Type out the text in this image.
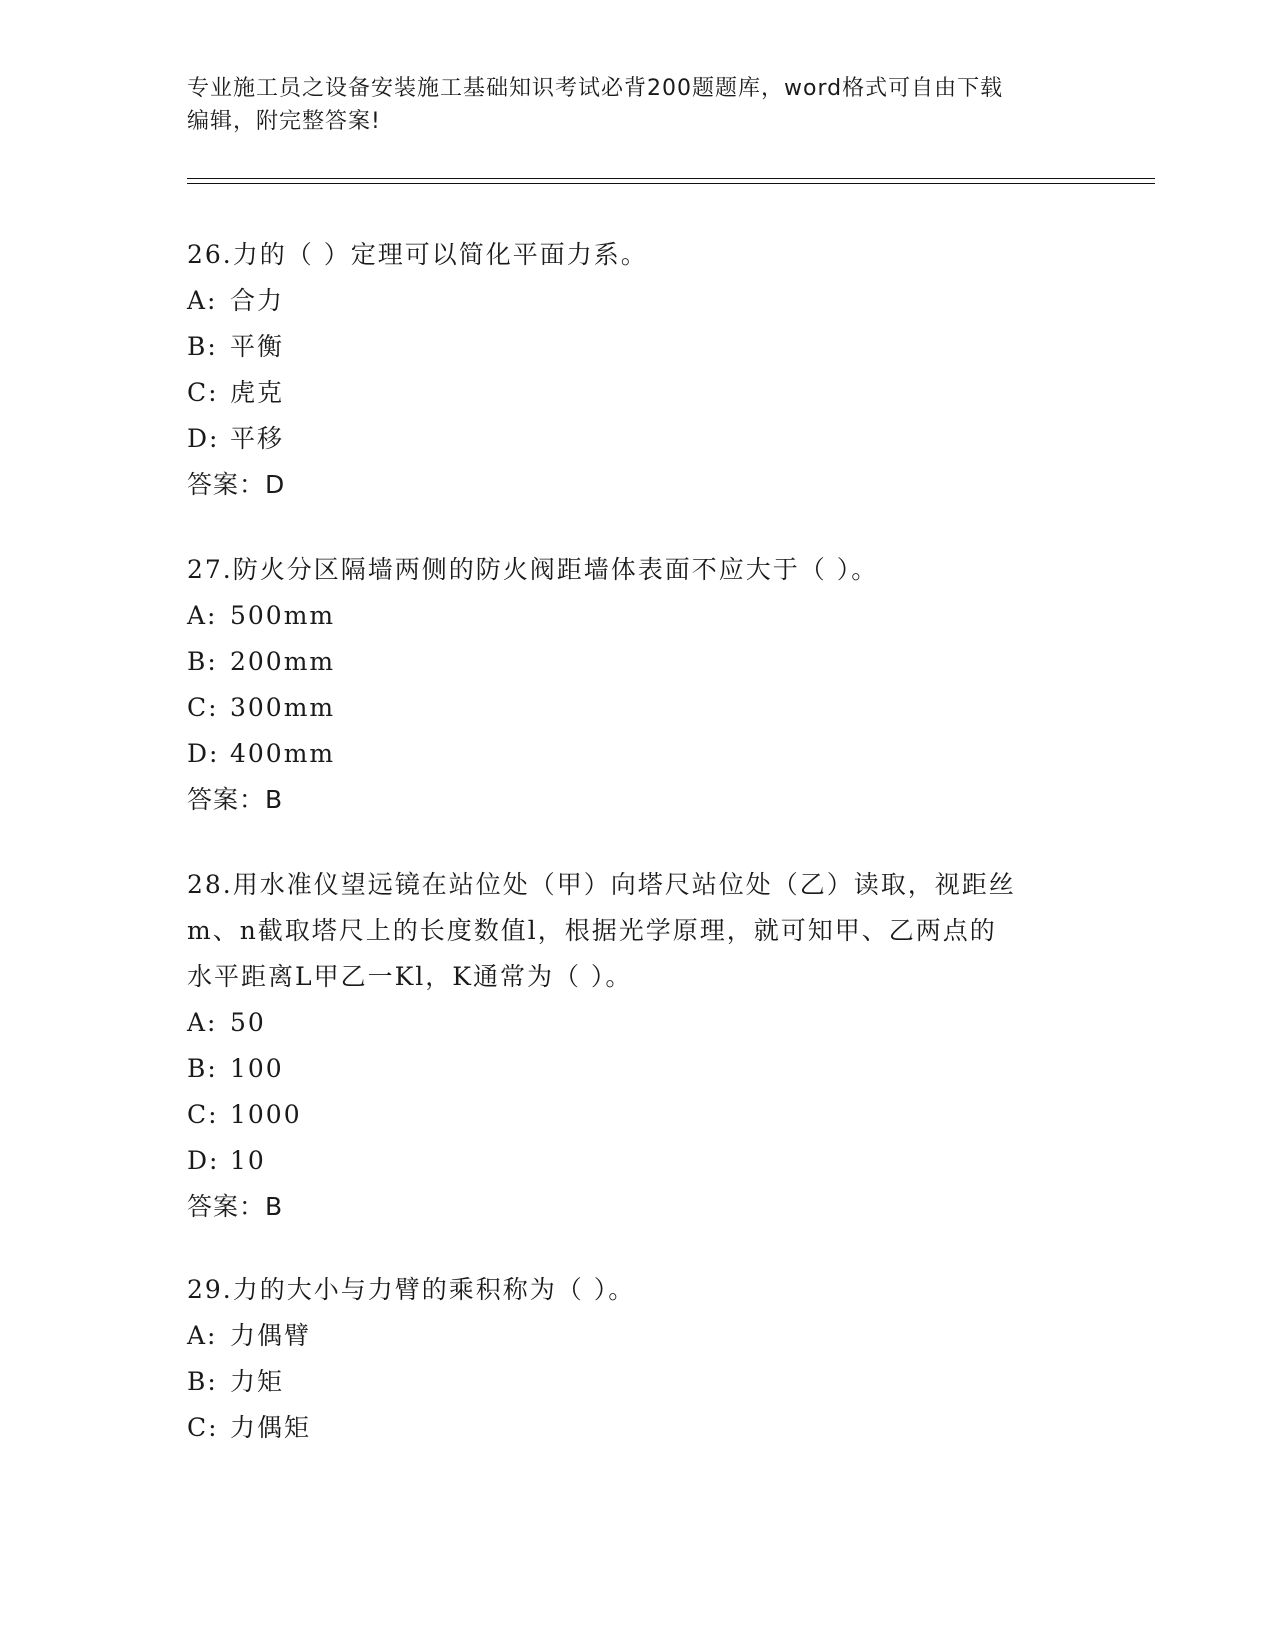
专业施工员之设备安装施工基础知识考试必背200题题库，word格式可自由下载
编辑，附完整答案!
26.力的（ ）定理可以简化平面力系。
A: 合力
B: 平衡
C: 虎克
D: 平移
答案：D
27.防火分区隔墙两侧的防火阀距墙体表面不应大于（ ）。
A: 500mm
B: 200mm
C: 300mm
D: 400mm
答案：B
28.用水准仪望远镜在站位处（甲）向塔尺站位处（乙）读取，视距丝
m、n截取塔尺上的长度数值l，根据光学原理，就可知甲、乙两点的
水平距离L甲乙一Kl，K通常为（ ）。
A: 50
B: 100
C: 1000
D: 10
答案：B
29.力的大小与力臂的乘积称为（ ）。
A: 力偶臂
B: 力矩
C: 力偶矩
